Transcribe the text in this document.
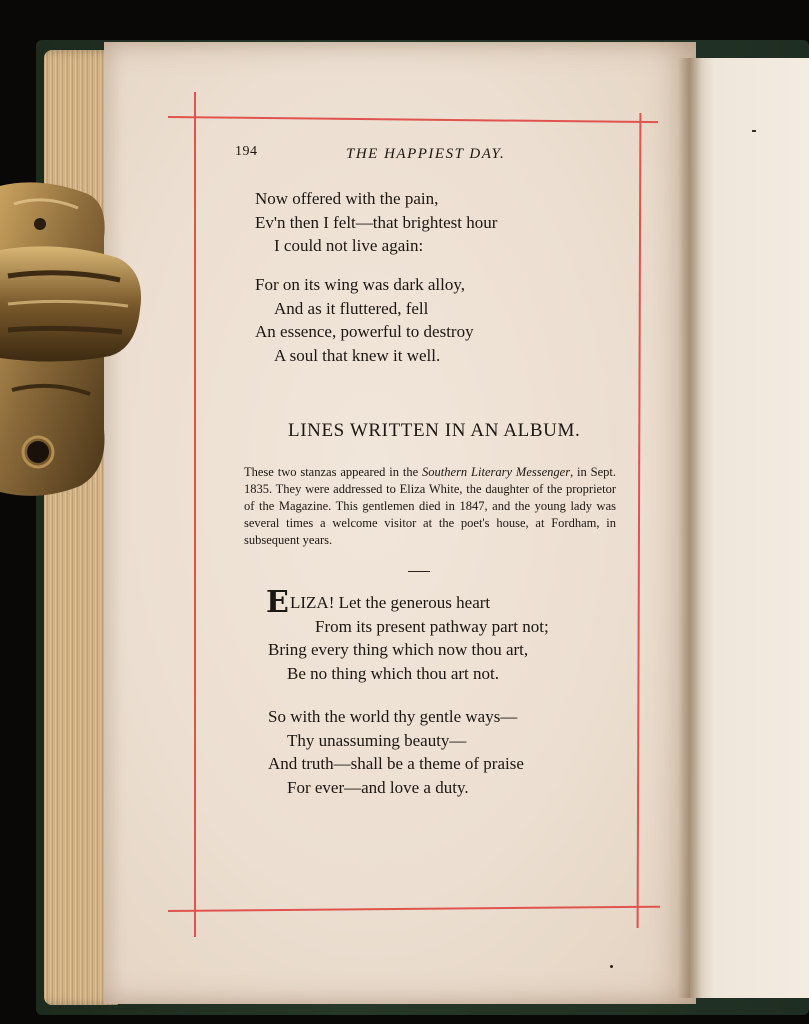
194	THE HAPPIEST DAY.
Now offered with the pain,
Ev'n then I felt—that brightest hour
I could not live again:
For on its wing was dark alloy,
And as it fluttered, fell
An essence, powerful to destroy
A soul that knew it well.
LINES WRITTEN IN AN ALBUM.
These two stanzas appeared in the Southern Literary Messenger, in Sept. 1835. They were addressed to Eliza White, the daughter of the proprietor of the Magazine. This gentlemen died in 1847, and the young lady was several times a welcome visitor at the poet's house, at Fordham, in subsequent years.
E LIZA! Let the generous heart
From its present pathway part not;
Bring every thing which now thou art,
Be no thing which thou art not.
So with the world thy gentle ways—
Thy unassuming beauty—
And truth—shall be a theme of praise
For ever—and love a duty.
